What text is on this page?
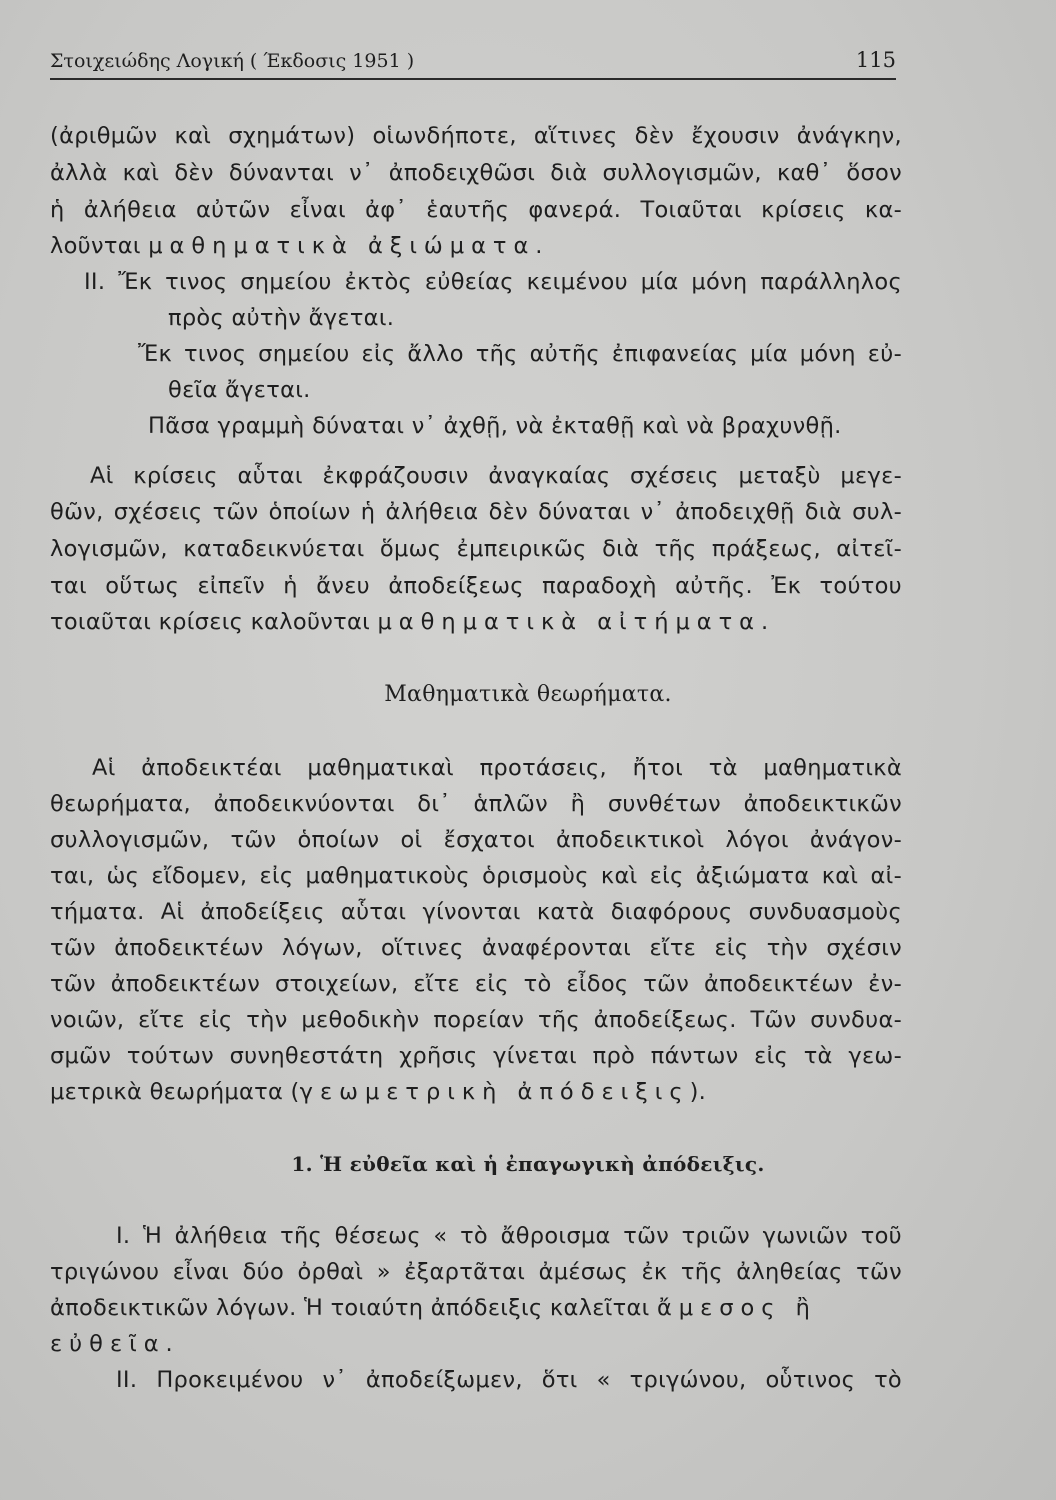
Στοιχειώδης Λογική ( Έκδοσις 1951 )	115
(ἀριθμῶν καὶ σχημάτων) οἱωνδήποτε, αἵτινες δὲν ἔχουσιν ἀνάγκην,
ἀλλὰ καὶ δὲν δύνανται ν᾽ ἀποδειχθῶσι διὰ συλλογισμῶν, καθ᾽ ὅσον
ἡ ἀλήθεια αὐτῶν εἶναι ἀφ᾽ ἑαυτῆς φανερά. Τοιαῦται κρίσεις κα-
λοῦνται μαθηματικὰ ἀξιώματα.
II. Ἔκ τινος σημείου ἐκτὸς εὐθείας κειμένου μία μόνη παράλληλος
πρὸς αὐτὴν ἄγεται.
Ἔκ τινος σημείου εἰς ἄλλο τῆς αὐτῆς ἐπιφανείας μία μόνη εὐ-
θεῖα ἄγεται.
Πᾶσα γραμμὴ δύναται ν᾽ ἀχθῇ, νὰ ἐκταθῇ καὶ νὰ βραχυνθῇ.
Αἱ κρίσεις αὗται ἐκφράζουσιν ἀναγκαίας σχέσεις μεταξὺ μεγε-
θῶν, σχέσεις τῶν ὁποίων ἡ ἀλήθεια δὲν δύναται ν᾽ ἀποδειχθῇ διὰ συλ-
λογισμῶν, καταδεικνύεται ὅμως ἐμπειρικῶς διὰ τῆς πράξεως, αἰτεῖ-
ται οὕτως εἰπεῖν ἡ ἄνευ ἀποδείξεως παραδοχὴ αὐτῆς. Ἐκ τούτου
τοιαῦται κρίσεις καλοῦνται μαθηματικὰ αἰτήματα.
Μαθηματικὰ θεωρήματα.
Αἱ ἀποδεικτέαι μαθηματικαὶ προτάσεις, ἤτοι τὰ μαθηματικὰ
θεωρήματα, ἀποδεικνύονται δι᾽ ἁπλῶν ἢ συνθέτων ἀποδεικτικῶν
συλλογισμῶν, τῶν ὁποίων οἱ ἔσχατοι ἀποδεικτικοὶ λόγοι ἀνάγον-
ται, ὡς εἴδομεν, εἰς μαθηματικοὺς ὁρισμοὺς καὶ εἰς ἀξιώματα καὶ αἰ-
τήματα. Αἱ ἀποδείξεις αὗται γίνονται κατὰ διαφόρους συνδυασμοὺς
τῶν ἀποδεικτέων λόγων, οἵτινες ἀναφέρονται εἴτε εἰς τὴν σχέσιν
τῶν ἀποδεικτέων στοιχείων, εἴτε εἰς τὸ εἶδος τῶν ἀποδεικτέων ἐν-
νοιῶν, εἴτε εἰς τὴν μεθοδικὴν πορείαν τῆς ἀποδείξεως. Τῶν συνδυα-
σμῶν τούτων συνηθεστάτη χρῆσις γίνεται πρὸ πάντων εἰς τὰ γεω-
μετρικὰ θεωρήματα (γεωμετρικὴ ἀπόδειξις).
1. Ἡ εὐθεῖα καὶ ἡ ἐπαγωγικὴ ἀπόδειξις.
I. Ἡ ἀλήθεια τῆς θέσεως « τὸ ἄθροισμα τῶν τριῶν γωνιῶν τοῦ
τριγώνου εἶναι δύο ὀρθαὶ » ἐξαρτᾶται ἀμέσως ἐκ τῆς ἀληθείας τῶν
ἀποδεικτικῶν λόγων. Ἡ τοιαύτη ἀπόδειξις καλεῖται ἄμεσος ἢ
εὐθεῖα.
II. Προκειμένου ν᾽ ἀποδείξωμεν, ὅτι « τριγώνου, οὗτινος τὸ
